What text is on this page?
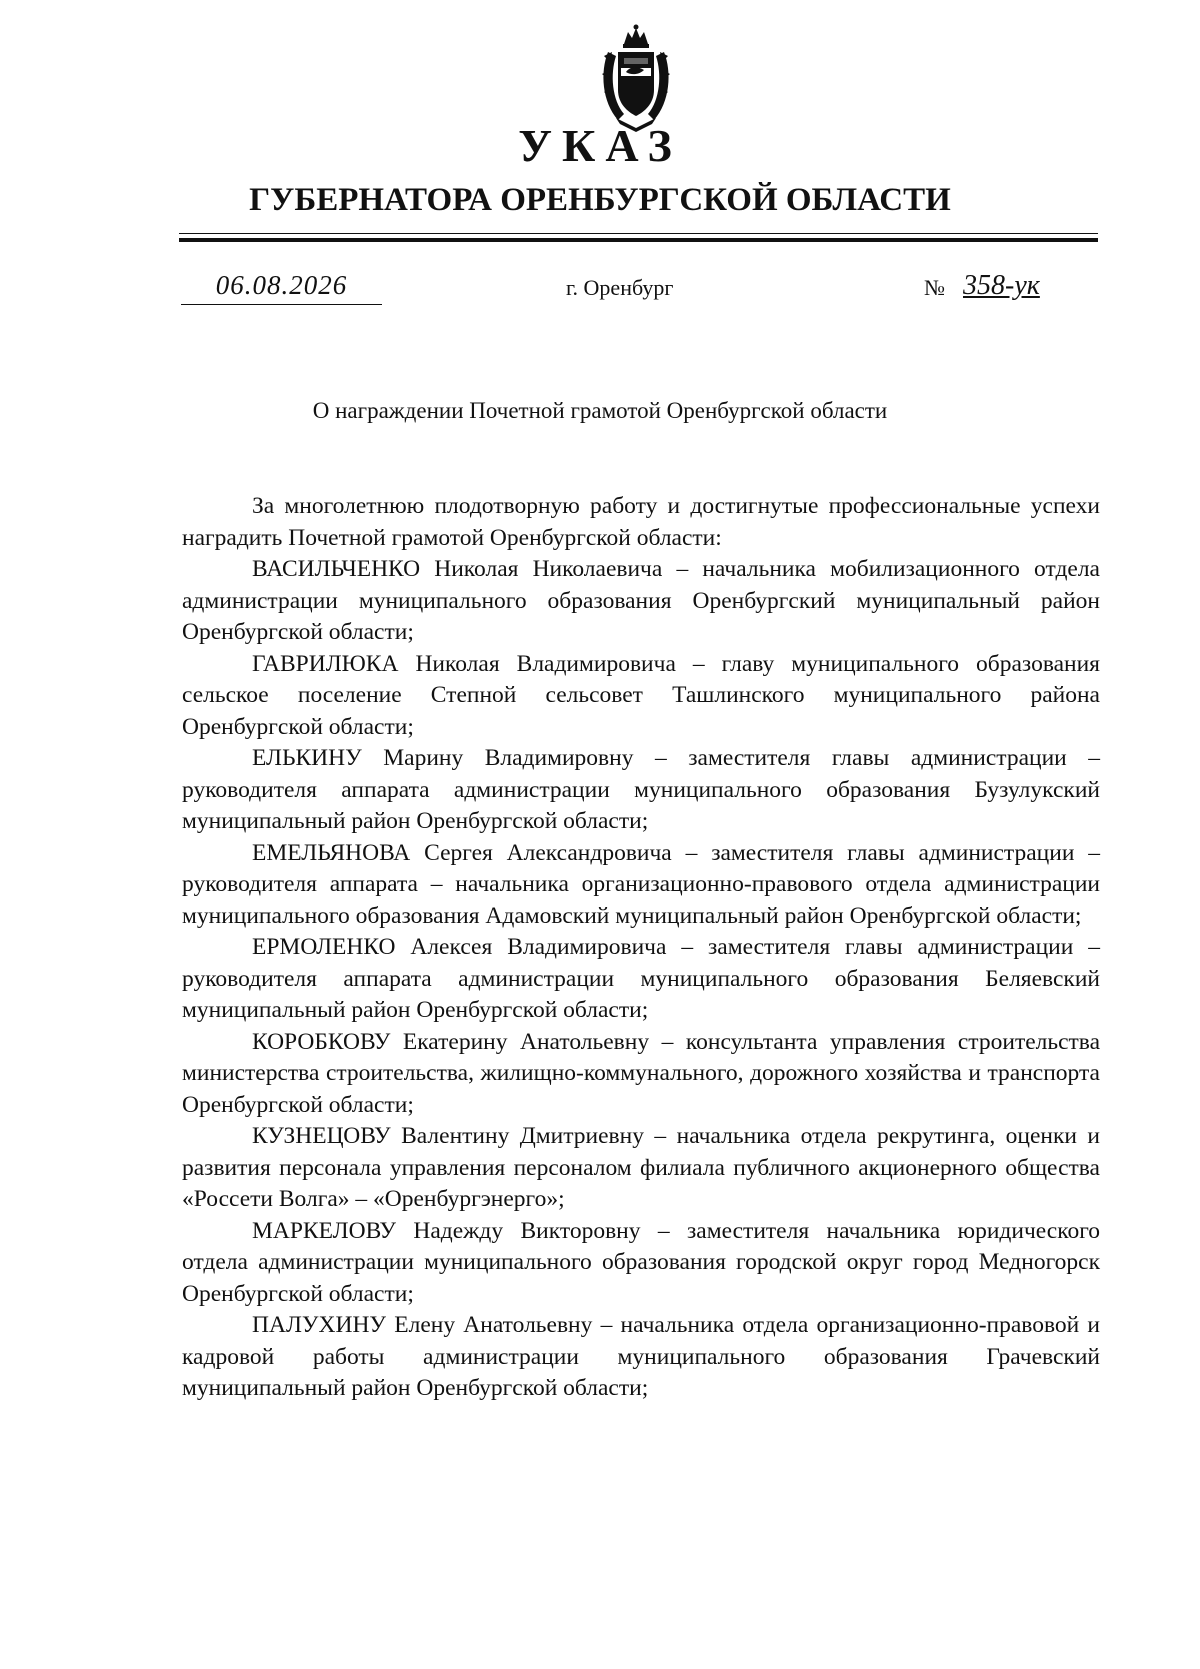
УКАЗ
ГУБЕРНАТОРА ОРЕНБУРГСКОЙ ОБЛАСТИ
06.08.2026	г. Оренбург	№ 358-ук
О награждении Почетной грамотой Оренбургской области

За многолетнюю плодотворную работу и достигнутые профессиональные успехи наградить Почетной грамотой Оренбургской области:

ВАСИЛЬЧЕНКО Николая Николаевича – начальника мобилизационного отдела администрации муниципального образования Оренбургский муниципальный район Оренбургской области;

ГАВРИЛЮКА Николая Владимировича – главу муниципального образования сельское поселение Степной сельсовет Ташлинского муниципального района Оренбургской области;

ЕЛЬКИНУ Марину Владимировну – заместителя главы администрации – руководителя аппарата администрации муниципального образования Бузулукский муниципальный район Оренбургской области;

ЕМЕЛЬЯНОВА Сергея Александровича – заместителя главы администрации – руководителя аппарата – начальника организационно-правового отдела администрации муниципального образования Адамовский муниципальный район Оренбургской области;

ЕРМОЛЕНКО Алексея Владимировича – заместителя главы администрации – руководителя аппарата администрации муниципального образования Беляевский муниципальный район Оренбургской области;

КОРОБКОВУ Екатерину Анатольевну – консультанта управления строительства министерства строительства, жилищно-коммунального, дорожного хозяйства и транспорта Оренбургской области;

КУЗНЕЦОВУ Валентину Дмитриевну – начальника отдела рекрутинга, оценки и развития персонала управления персоналом филиала публичного акционерного общества «Россети Волга» – «Оренбургэнерго»;

МАРКЕЛОВУ Надежду Викторовну – заместителя начальника юридического отдела администрации муниципального образования городской округ город Медногорск Оренбургской области;

ПАЛУХИНУ Елену Анатольевну – начальника отдела организационно-правовой и кадровой работы администрации муниципального образования Грачевский муниципальный район Оренбургской области;
